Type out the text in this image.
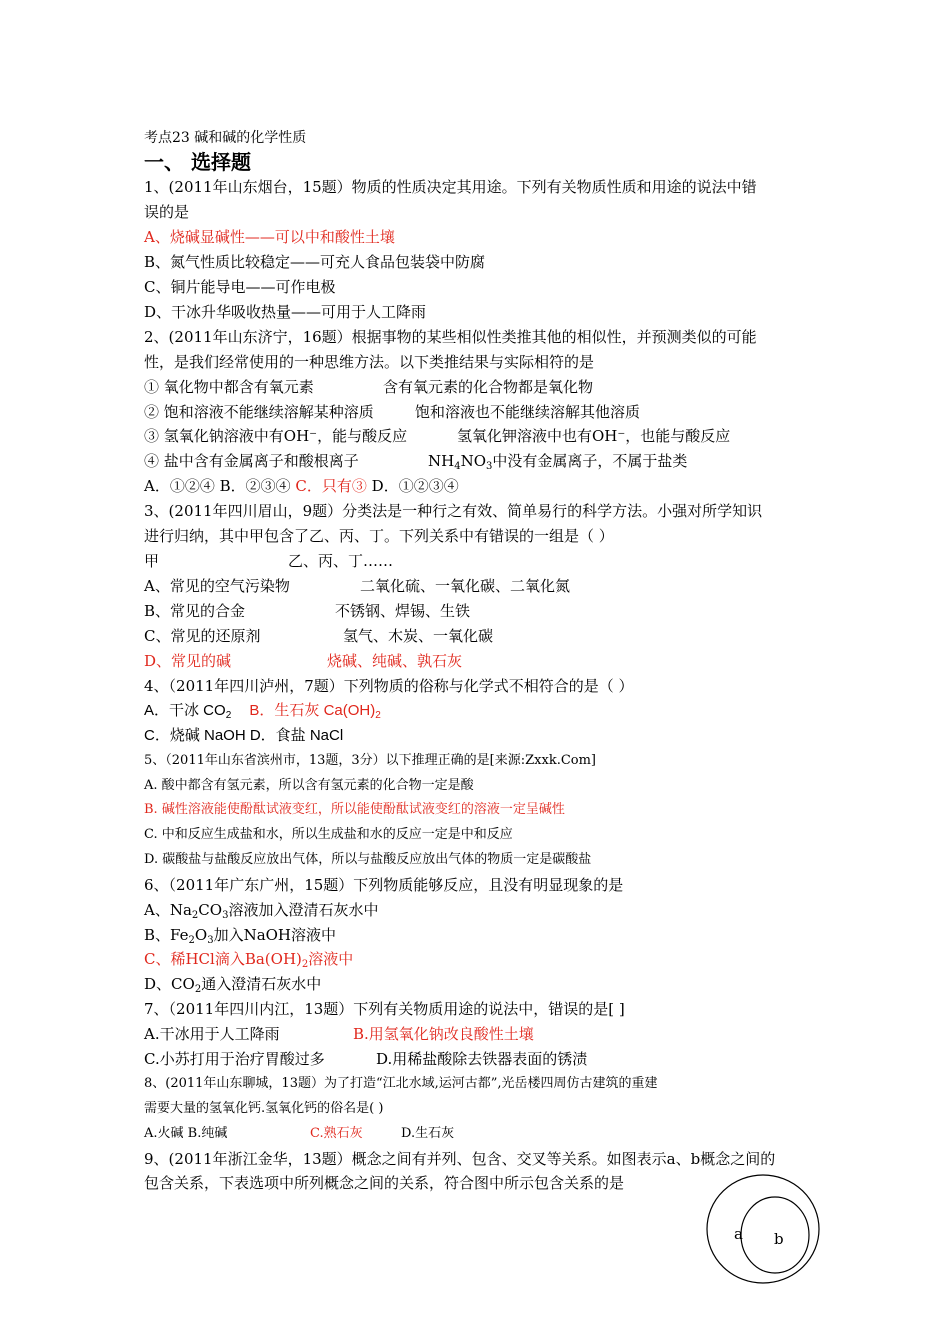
考点23 碱和碱的化学性质
一、 选择题
1、(2011年山东烟台，15题）物质的性质决定其用途。下列有关物质性质和用途的说法中错
误的是
A、烧碱显碱性——可以中和酸性土壤
B、氮气性质比较稳定——可充人食品包装袋中防腐
C、铜片能导电——可作电极
D、干冰升华吸收热量——可用于人工降雨
2、(2011年山东济宁，16题）根据事物的某些相似性类推其他的相似性，并预测类似的可能
性，是我们经常使用的一种思维方法。以下类推结果与实际相符的是
① 氧化物中都含有氧元素	含有氧元素的化合物都是氧化物
② 饱和溶液不能继续溶解某种溶质	饱和溶液也不能继续溶解其他溶质
③ 氢氧化钠溶液中有OH⁻，能与酸反应	氢氧化钾溶液中也有OH⁻，也能与酸反应
④ 盐中含有金属离子和酸根离子	$NH_4NO_3$中没有金属离子，不属于盐类
A．①②④ B．②③④ C．只有③ D．①②③④
3、(2011年四川眉山，9题）分类法是一种行之有效、简单易行的科学方法。小强对所学知识
进行归纳，其中甲包含了乙、丙、丁。下列关系中有错误的一组是（ ）
甲	乙、丙、丁……
A、常见的空气污染物	二氧化硫、一氧化碳、二氧化氮
B、常见的合金	不锈钢、焊锡、生铁
C、常见的还原剂	氢气、木炭、一氧化碳
D、常见的碱	烧碱、纯碱、孰石灰
4、（2011年四川泸州，7题）下列物质的俗称与化学式不相符合的是（ ）
A．干冰 $CO_2$ B．生石灰 $Ca(OH)_2$
C．烧碱 NaOH D．食盐 NaCl
5、（2011年山东省滨州市，13题，3分）以下推理正确的是[来源:Zxxk.Com]
A. 酸中都含有氢元素，所以含有氢元素的化合物一定是酸
B. 碱性溶液能使酚酞试液变红，所以能使酚酞试液变红的溶液一定呈碱性
C. 中和反应生成盐和水，所以生成盐和水的反应一定是中和反应
D. 碳酸盐与盐酸反应放出气体，所以与盐酸反应放出气体的物质一定是碳酸盐
6、（2011年广东广州，15题）下列物质能够反应，且没有明显现象的是
A、$Na_2CO_3$溶液加入澄清石灰水中
B、$Fe_2O_3$加入NaOH溶液中
C、稀HCl滴入$Ba(OH)_2$溶液中
D、$CO_2$通入澄清石灰水中
7、（2011年四川内江，13题）下列有关物质用途的说法中，错误的是[ ]
A.干冰用于人工降雨	B.用氢氧化钠改良酸性土壤
C.小苏打用于治疗胃酸过多	D.用稀盐酸除去铁器表面的锈渍
8、(2011年山东聊城，13题）为了打造“江北水域,运河古都”,光岳楼四周仿古建筑的重建
需要大量的氢氧化钙.氢氧化钙的俗名是( )
A.火碱 B.纯碱	C.熟石灰	D.生石灰
9、(2011年浙江金华，13题）概念之间有并列、包含、交叉等关系。如图表示a、b概念之间的
包含关系，下表选项中所列概念之间的关系，符合图中所示包含关系的是
a b
